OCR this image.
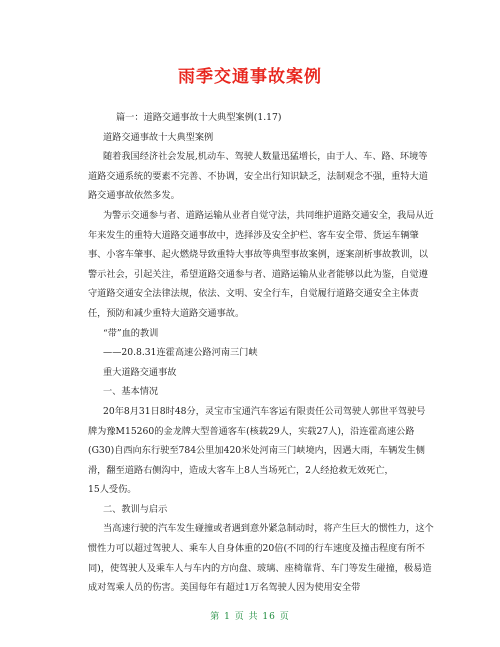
雨季交通事故案例

篇一：道路交通事故十大典型案例(1.17)

道路交通事故十大典型案例

随着我国经济社会发展,机动车、驾驶人数量迅猛增长，由于人、车、路、环境等道路交通系统的要素不完善、不协调，安全出行知识缺乏，法制观念不强，重特大道路交通事故依然多发。

为警示交通参与者、道路运输从业者自觉守法，共同维护道路交通安全，我局从近年来发生的重特大道路交通事故中，选择涉及安全护栏、客车安全带、货运车辆肇事、小客车肇事、起火燃烧导致重特大事故等典型事故案例，逐案剖析事故教训，以警示社会，引起关注，希望道路交通参与者、道路运输从业者能够以此为鉴，自觉遵守道路交通安全法律法规，依法、文明、安全行车，自觉履行道路交通安全主体责任，预防和减少重特大道路交通事故。

“带”血的教训

——20.8.31连霍高速公路河南三门峡

重大道路交通事故

一、基本情况

20年8月31日8时48分，灵宝市宝通汽车客运有限责任公司驾驶人郭世平驾驶号牌为豫M15260的金龙牌大型普通客车(核载29人，实载27人)，沿连霍高速公路(G30)自西向东行驶至784公里加420米处河南三门峡境内，因遇大雨，车辆发生侧滑，翻至道路右侧沟中，造成大客车上8人当场死亡，2人经抢救无效死亡，

15人受伤。

二、教训与启示

当高速行驶的汽车发生碰撞或者遇到意外紧急制动时，将产生巨大的惯性力，这个惯性力可以超过驾驶人、乘车人自身体重的20倍(不同的行车速度及撞击程度有所不同)，使驾驶人及乘车人与车内的方向盘、玻璃、座椅靠背、车门等发生碰撞，极易造成对驾乘人员的伤害。美国每年有超过1万名驾驶人因为使用安全带

第 1 页 共 16 页
